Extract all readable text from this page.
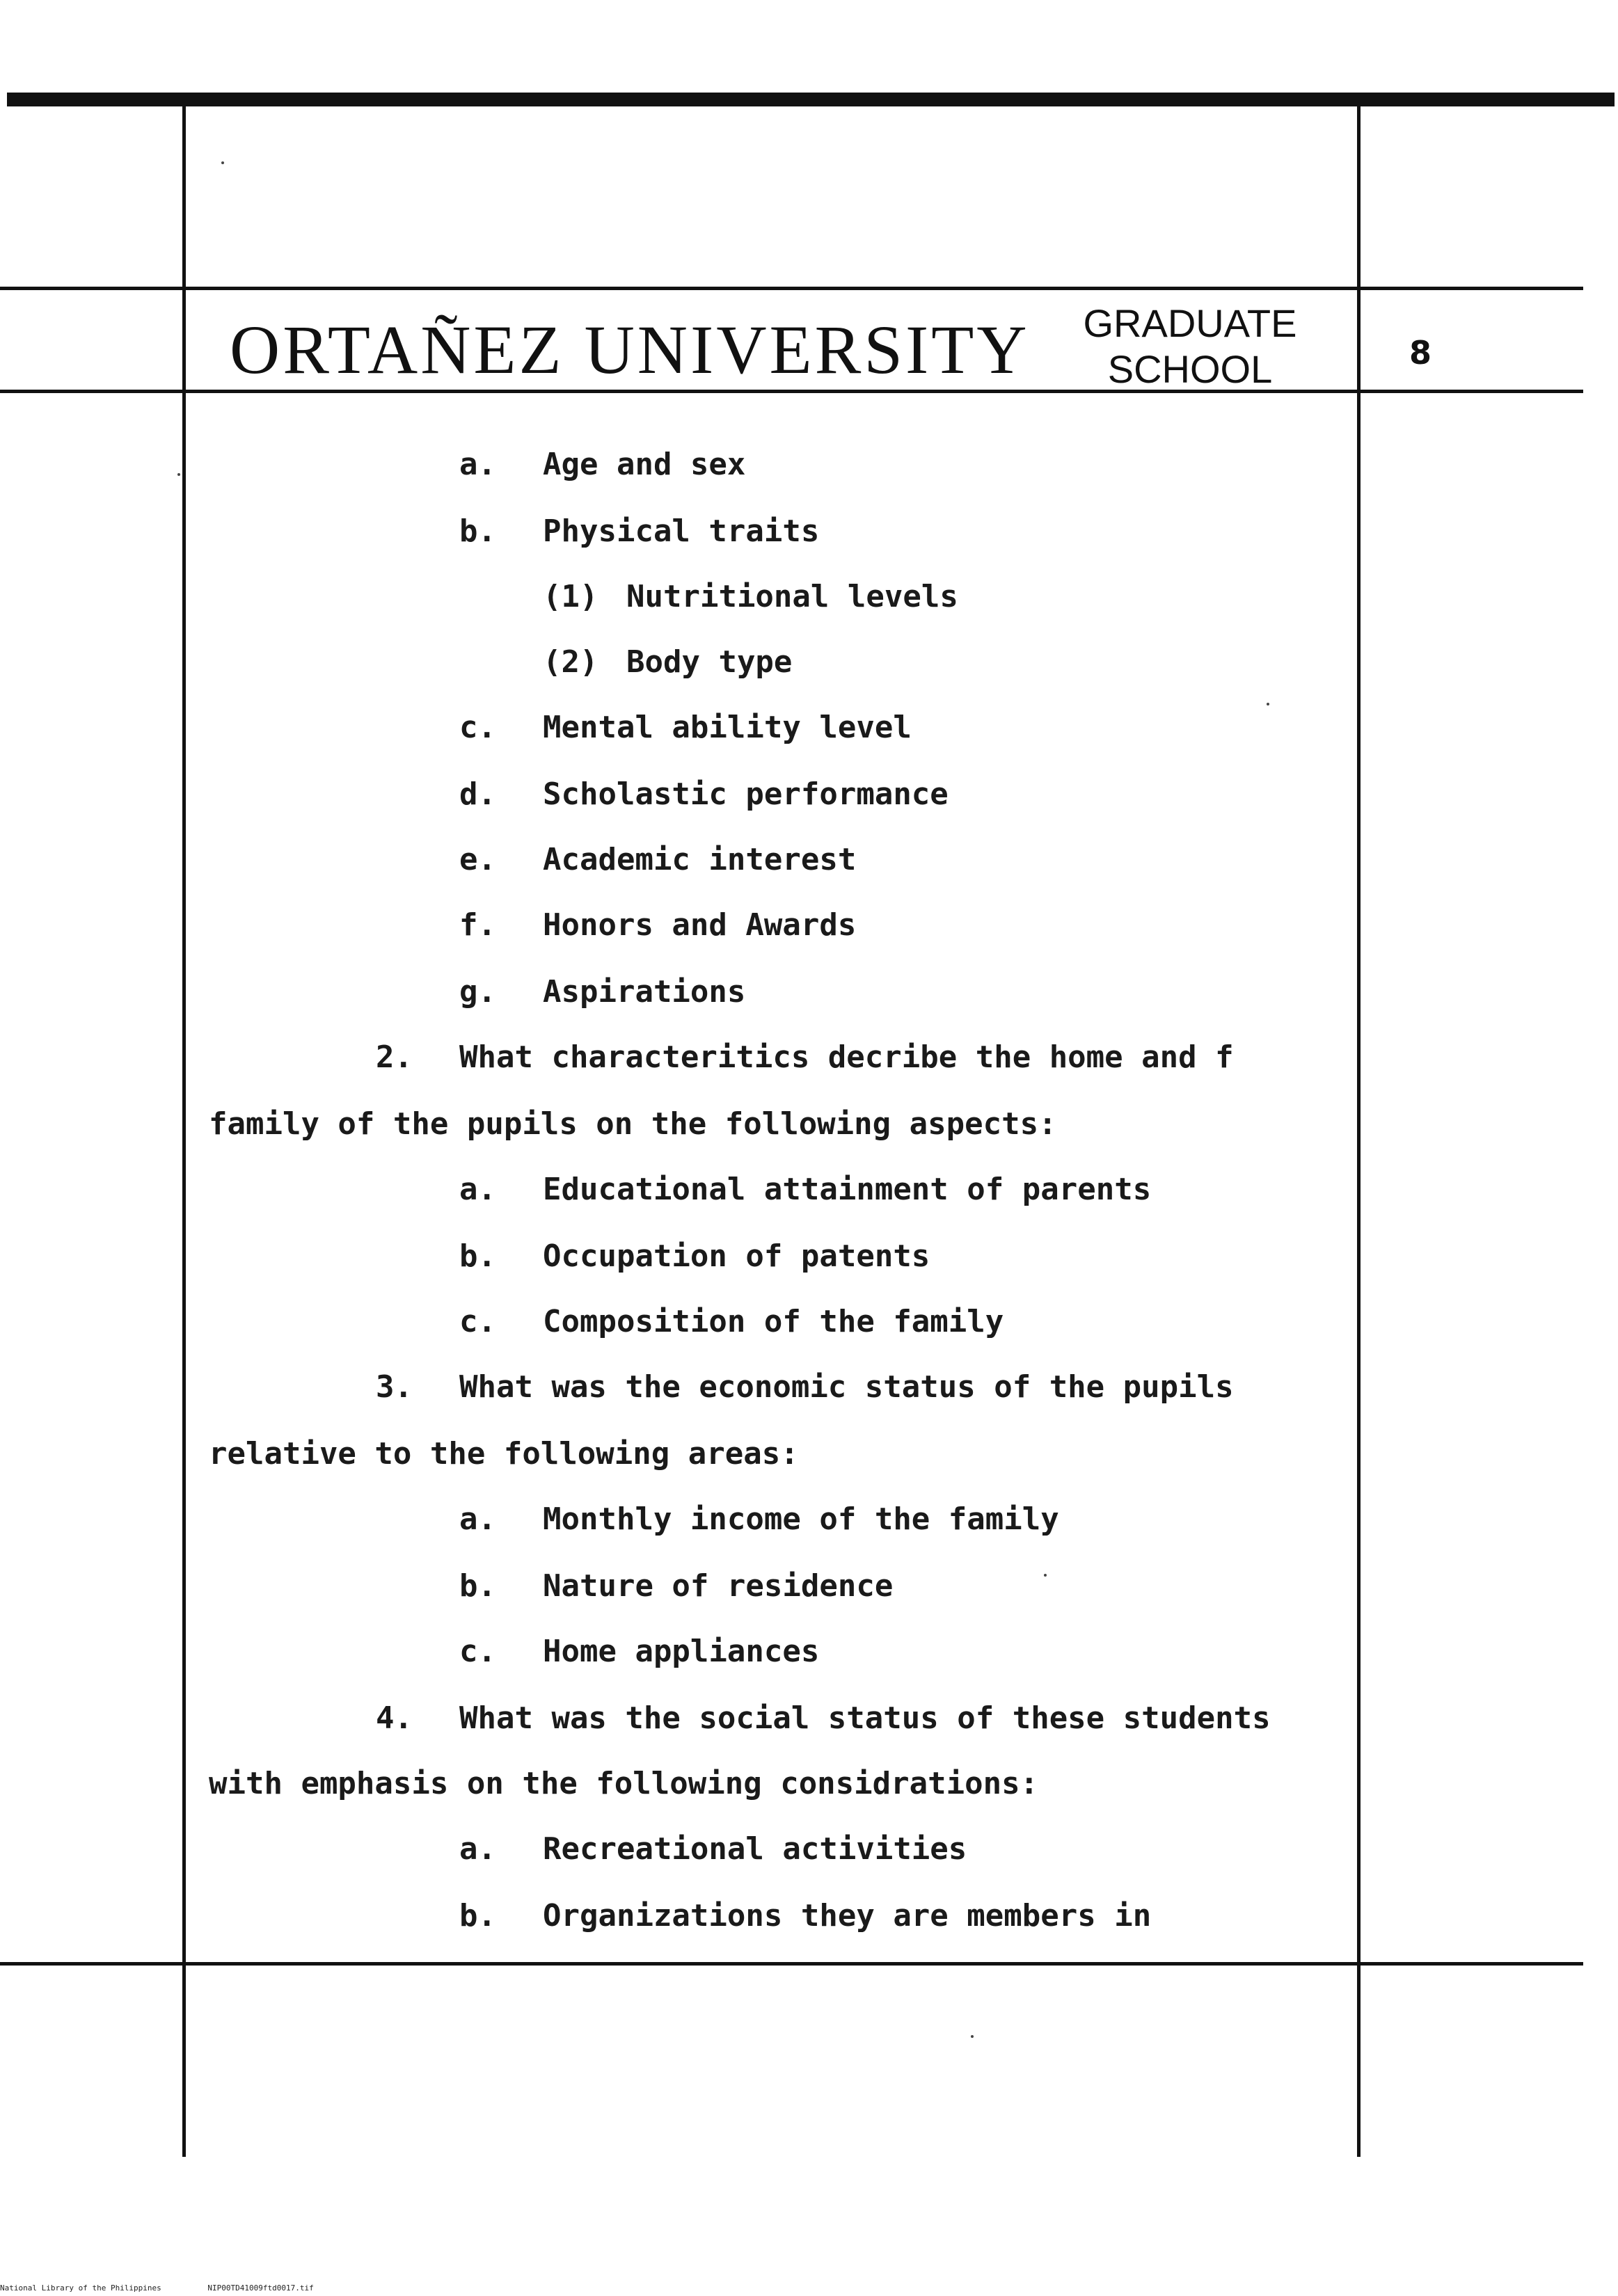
ORTAÑEZ UNIVERSITY	GRADUATE
SCHOOL	8
a. Age and sex
b. Physical traits
(1) Nutritional levels
(2) Body type
c. Mental ability level
d. Scholastic performance
e. Academic interest
f. Honors and Awards
g. Aspirations
2. What characteritics decribe the home and f
family of the pupils on the following aspects:
a. Educational attainment of parents
b. Occupation of patents
c. Composition of the family
3. What was the economic status of the pupils
relative to the following areas:
a. Monthly income of the family
b. Nature of residence
c. Home appliances
4. What was the social status of these students
with emphasis on the following considrations:
a. Recreational activities
b. Organizations they are members in
National Library of the Philippines	NIP00TD41009ftd0017.tif
